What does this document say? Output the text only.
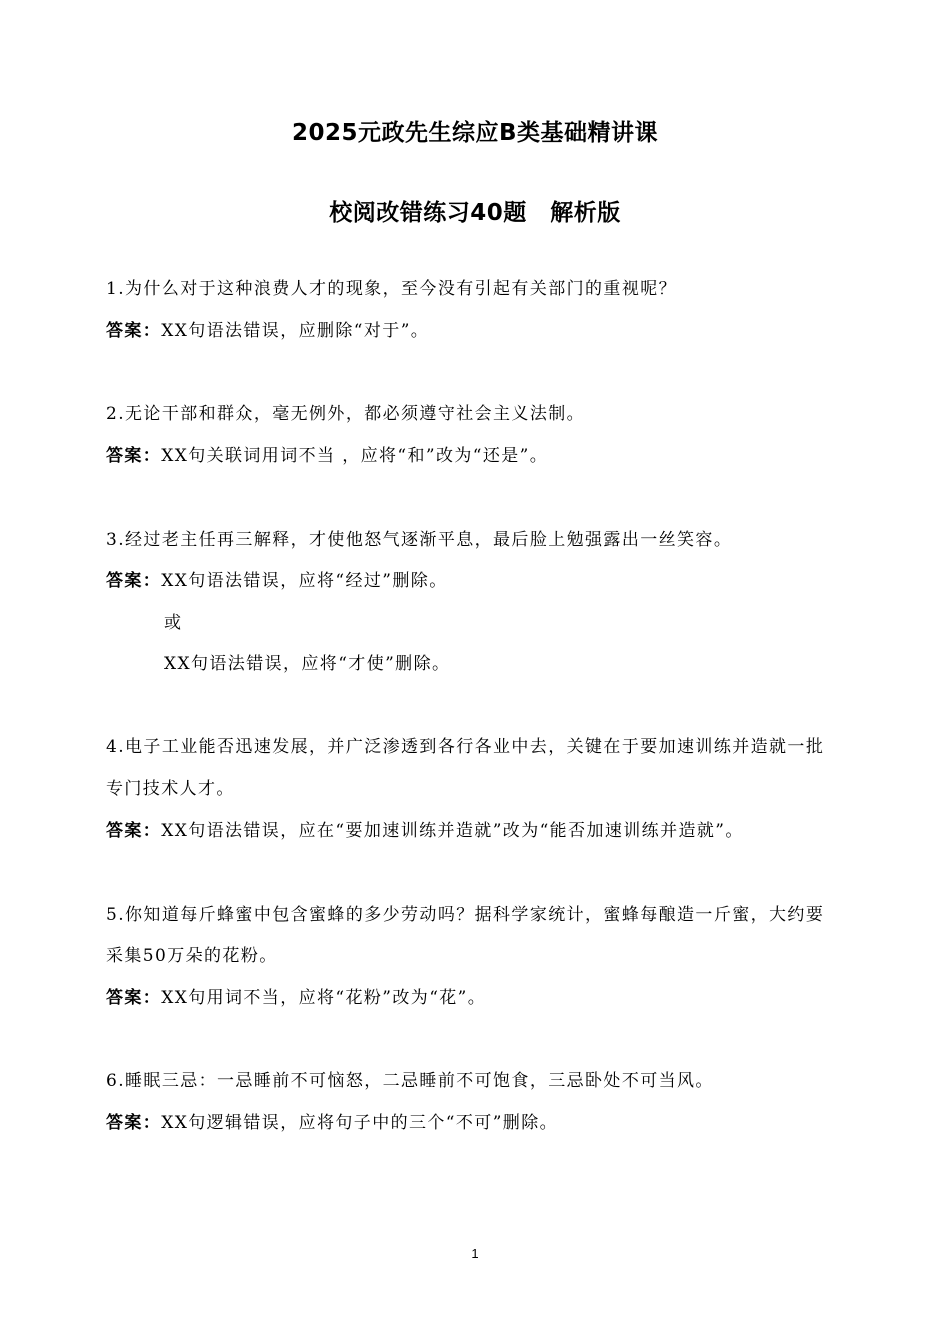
2025元政先生综应B类基础精讲课
校阅改错练习40题　解析版
1.为什么对于这种浪费人才的现象，至今没有引起有关部门的重视呢？
答案：XX句语法错误，应删除“对于”。
2.无论干部和群众，毫无例外，都必须遵守社会主义法制。
答案：XX句关联词用词不当 ，应将“和”改为“还是”。
3.经过老主任再三解释，才使他怒气逐渐平息，最后脸上勉强露出一丝笑容。
答案：XX句语法错误，应将“经过”删除。
或
XX句语法错误，应将“才使”删除。
4.电子工业能否迅速发展，并广泛渗透到各行各业中去，关键在于要加速训练并造就一批
专门技术人才。
答案：XX句语法错误，应在“要加速训练并造就”改为“能否加速训练并造就”。
5.你知道每斤蜂蜜中包含蜜蜂的多少劳动吗？据科学家统计，蜜蜂每酿造一斤蜜，大约要
采集50万朵的花粉。
答案：XX句用词不当，应将“花粉”改为“花”。
6.睡眠三忌：一忌睡前不可恼怒，二忌睡前不可饱食，三忌卧处不可当风。
答案：XX句逻辑错误，应将句子中的三个“不可”删除。
1
